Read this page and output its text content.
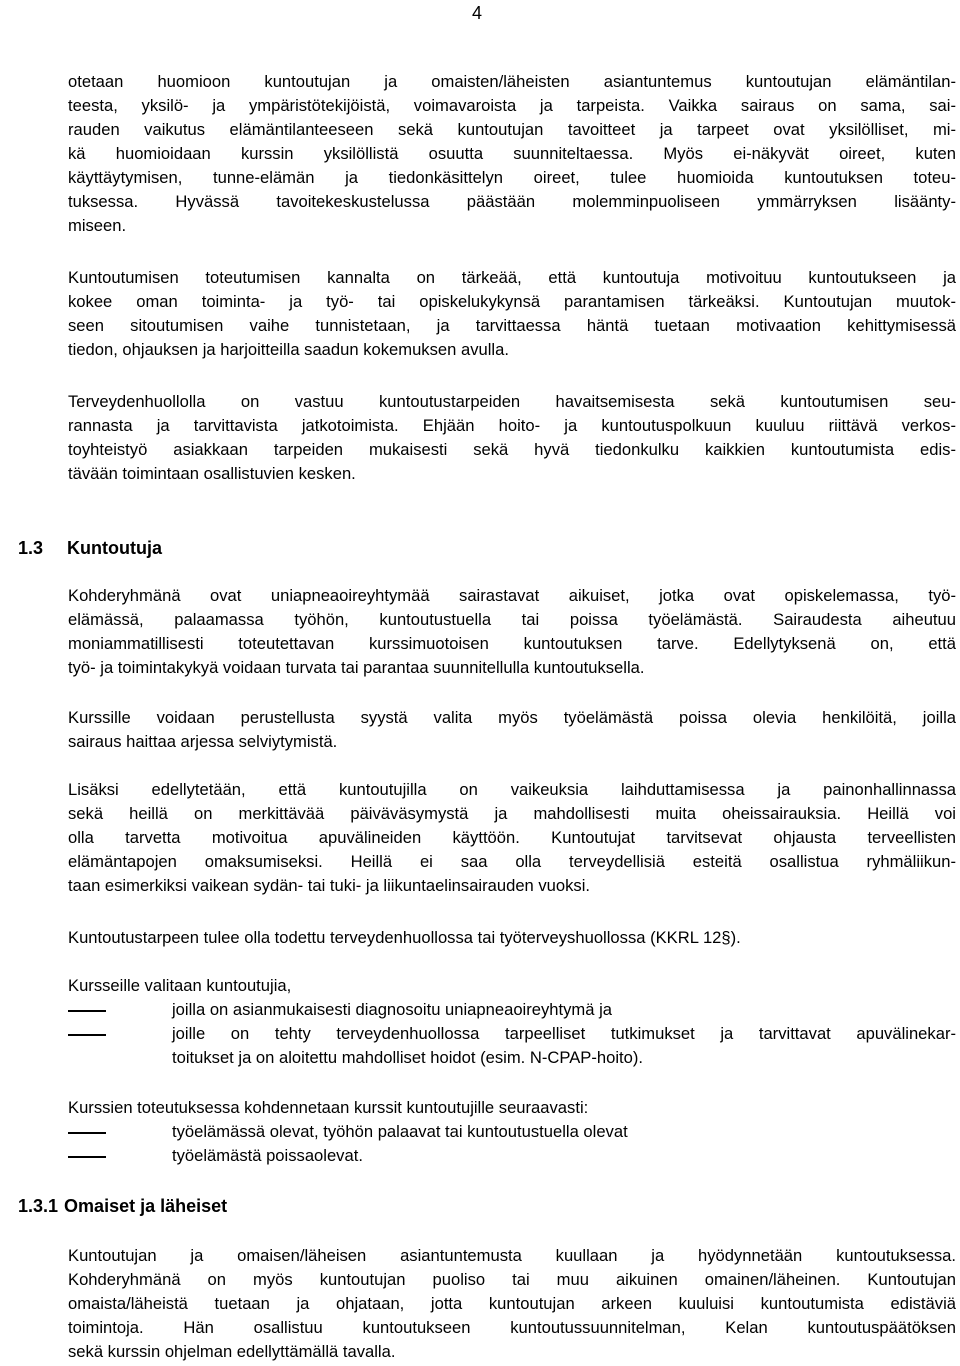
4
otetaan huomioon kuntoutujan ja omaisten/läheisten asiantuntemus kuntoutujan elämäntilan-
teesta, yksilö- ja ympäristötekijöistä, voimavaroista ja tarpeista. Vaikka sairaus on sama, sai-
rauden vaikutus elämäntilanteeseen sekä kuntoutujan tavoitteet ja tarpeet ovat yksilölliset, mi-
kä huomioidaan kurssin yksilöllistä osuutta suunniteltaessa. Myös ei-näkyvät oireet, kuten
käyttäytymisen, tunne-elämän ja tiedonkäsittelyn oireet, tulee huomioida kuntoutuksen toteu-
tuksessa. Hyvässä tavoitekeskustelussa päästään molemminpuoliseen ymmärryksen lisäänty-
miseen.
Kuntoutumisen toteutumisen kannalta on tärkeää, että kuntoutuja motivoituu kuntoutukseen ja
kokee oman toiminta- ja työ- tai opiskelukykynsä parantamisen tärkeäksi. Kuntoutujan muutok-
seen sitoutumisen vaihe tunnistetaan, ja tarvittaessa häntä tuetaan motivaation kehittymisessä
tiedon, ohjauksen ja harjoitteilla saadun kokemuksen avulla.
Terveydenhuollolla on vastuu kuntoutustarpeiden havaitsemisesta sekä kuntoutumisen seu-
rannasta ja tarvittavista jatkotoimista. Ehjään hoito- ja kuntoutuspolkuun kuuluu riittävä verkos-
toyhteistyö asiakkaan tarpeiden mukaisesti sekä hyvä tiedonkulku kaikkien kuntoutumista edis-
tävään toimintaan osallistuvien kesken.
1.3 Kuntoutuja
Kohderyhmänä ovat uniapneaoireyhtymää sairastavat aikuiset, jotka ovat opiskelemassa, työ-
elämässä, palaamassa työhön, kuntoutustuella tai poissa työelämästä. Sairaudesta aiheutuu
moniammatillisesti toteutettavan kurssimuotoisen kuntoutuksen tarve. Edellytyksenä on, että
työ- ja toimintakykyä voidaan turvata tai parantaa suunnitellulla kuntoutuksella.
Kurssille voidaan perustellusta syystä valita myös työelämästä poissa olevia henkilöitä, joilla
sairaus haittaa arjessa selviytymistä.
Lisäksi edellytetään, että kuntoutujilla on vaikeuksia laihduttamisessa ja painonhallinnassa
sekä heillä on merkittävää päiväväsymystä ja mahdollisesti muita oheissairauksia. Heillä voi
olla tarvetta motivoitua apuvälineiden käyttöön. Kuntoutujat tarvitsevat ohjausta terveellisten
elämäntapojen omaksumiseksi. Heillä ei saa olla terveydellisiä esteitä osallistua ryhmäliikun-
taan esimerkiksi vaikean sydän- tai tuki- ja liikuntaelinsairauden vuoksi.
Kuntoutustarpeen tulee olla todettu terveydenhuollossa tai työterveyshuollossa (KKRL 12§).
Kursseille valitaan kuntoutujia,
joilla on asianmukaisesti diagnosoitu uniapneaoireyhtymä ja
joille on tehty terveydenhuollossa tarpeelliset tutkimukset ja tarvittavat apuvälinekar-
toitukset ja on aloitettu mahdolliset hoidot (esim. N-CPAP-hoito).
Kurssien toteutuksessa kohdennetaan kurssit kuntoutujille seuraavasti:
työelämässä olevat, työhön palaavat tai kuntoutustuella olevat
työelämästä poissaolevat.
1.3.1 Omaiset ja läheiset
Kuntoutujan ja omaisen/läheisen asiantuntemusta kuullaan ja hyödynnetään kuntoutuksessa.
Kohderyhmänä on myös kuntoutujan puoliso tai muu aikuinen omainen/läheinen. Kuntoutujan
omaista/läheistä tuetaan ja ohjataan, jotta kuntoutujan arkeen kuuluisi kuntoutumista edistäviä
toimintoja. Hän osallistuu kuntoutukseen kuntoutussuunnitelman, Kelan kuntoutuspäätöksen
sekä kurssin ohjelman edellyttämällä tavalla.
